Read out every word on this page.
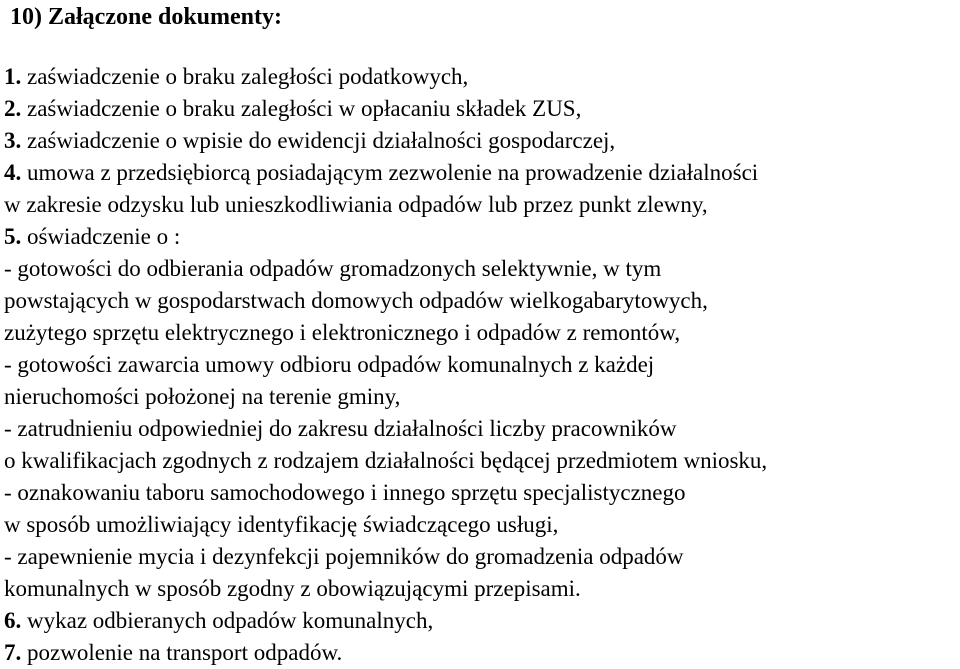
10) Załączone dokumenty:
1. zaświadczenie o braku zaległości podatkowych,
2. zaświadczenie o braku zaległości w opłacaniu składek ZUS,
3. zaświadczenie o wpisie do ewidencji działalności gospodarczej,
4. umowa z przedsiębiorcą posiadającym zezwolenie na prowadzenie działalności
w zakresie odzysku lub unieszkodliwiania odpadów lub przez punkt zlewny,
5. oświadczenie o :
- gotowości do odbierania odpadów gromadzonych selektywnie, w tym
powstających w gospodarstwach domowych odpadów wielkogabarytowych,
zużytego sprzętu elektrycznego i elektronicznego i odpadów z remontów,
- gotowości zawarcia umowy odbioru odpadów komunalnych z każdej
nieruchomości położonej na terenie gminy,
- zatrudnieniu odpowiedniej do zakresu działalności liczby pracowników
o kwalifikacjach zgodnych z rodzajem działalności będącej przedmiotem wniosku,
- oznakowaniu taboru samochodowego i innego sprzętu specjalistycznego
w sposób umożliwiający identyfikację świadczącego usługi,
- zapewnienie mycia i dezynfekcji pojemników do gromadzenia odpadów
komunalnych w sposób zgodny z obowiązującymi przepisami.
6. wykaz odbieranych odpadów komunalnych,
7. pozwolenie na transport odpadów.
